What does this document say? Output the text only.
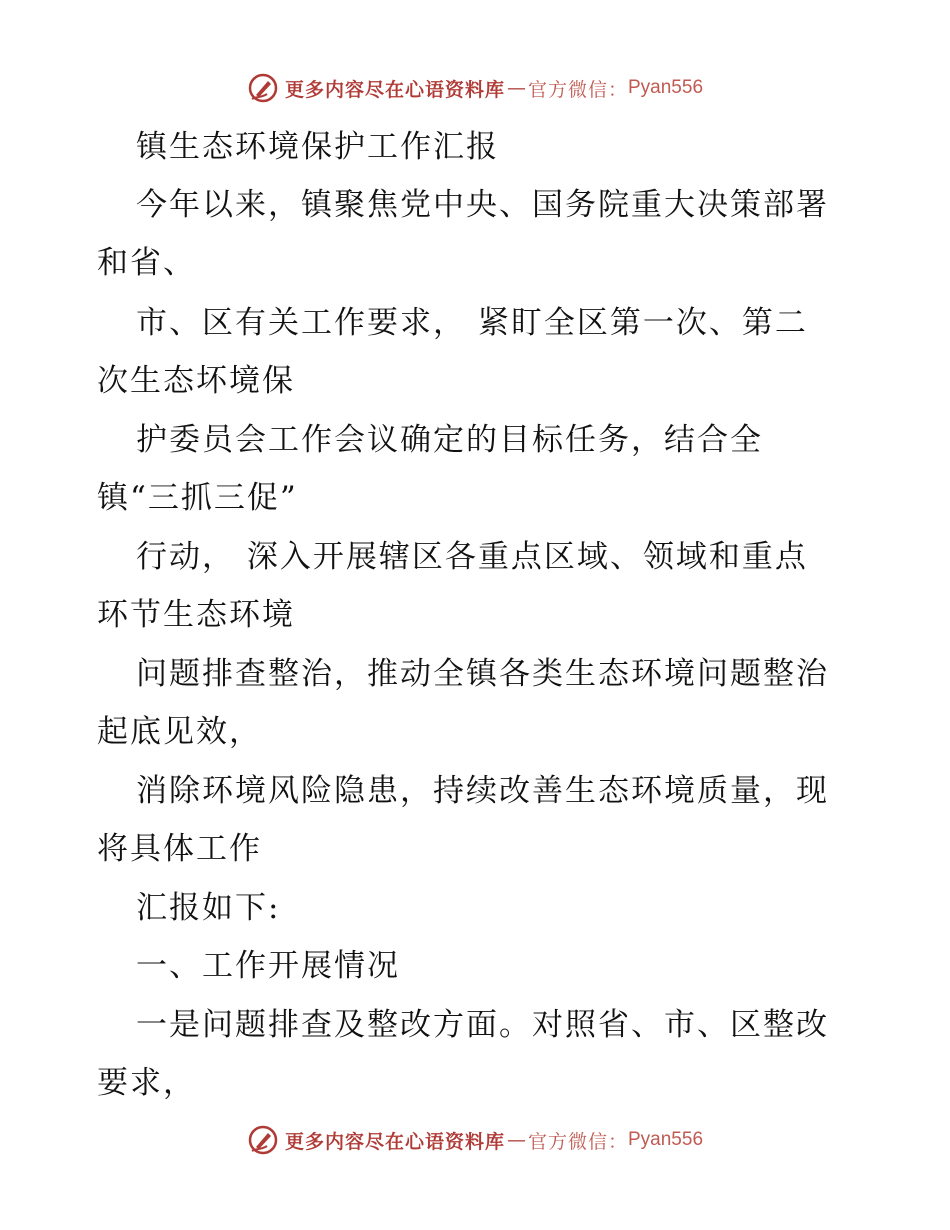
更多内容尽在心语资料库 — 官方微信： Pyan556
镇生态环境保护工作汇报
今年以来，镇聚焦党中央、国务院重大决策部署
和省、
市、区有关工作要求， 紧盯全区第一次、第二
次生态坏境保
护委员会工作会议确定的目标任务，结合全
镇“三抓三促”
行动， 深入开展辖区各重点区域、领域和重点
环节生态环境
问题排查整治，推动全镇各类生态环境问题整治
起底见效，
消除环境风险隐患，持续改善生态环境质量，现
将具体工作
汇报如下:
一、工作开展情况
一是问题排查及整改方面。对照省、市、区整改
要求，
更多内容尽在心语资料库 — 官方微信： Pyan556
